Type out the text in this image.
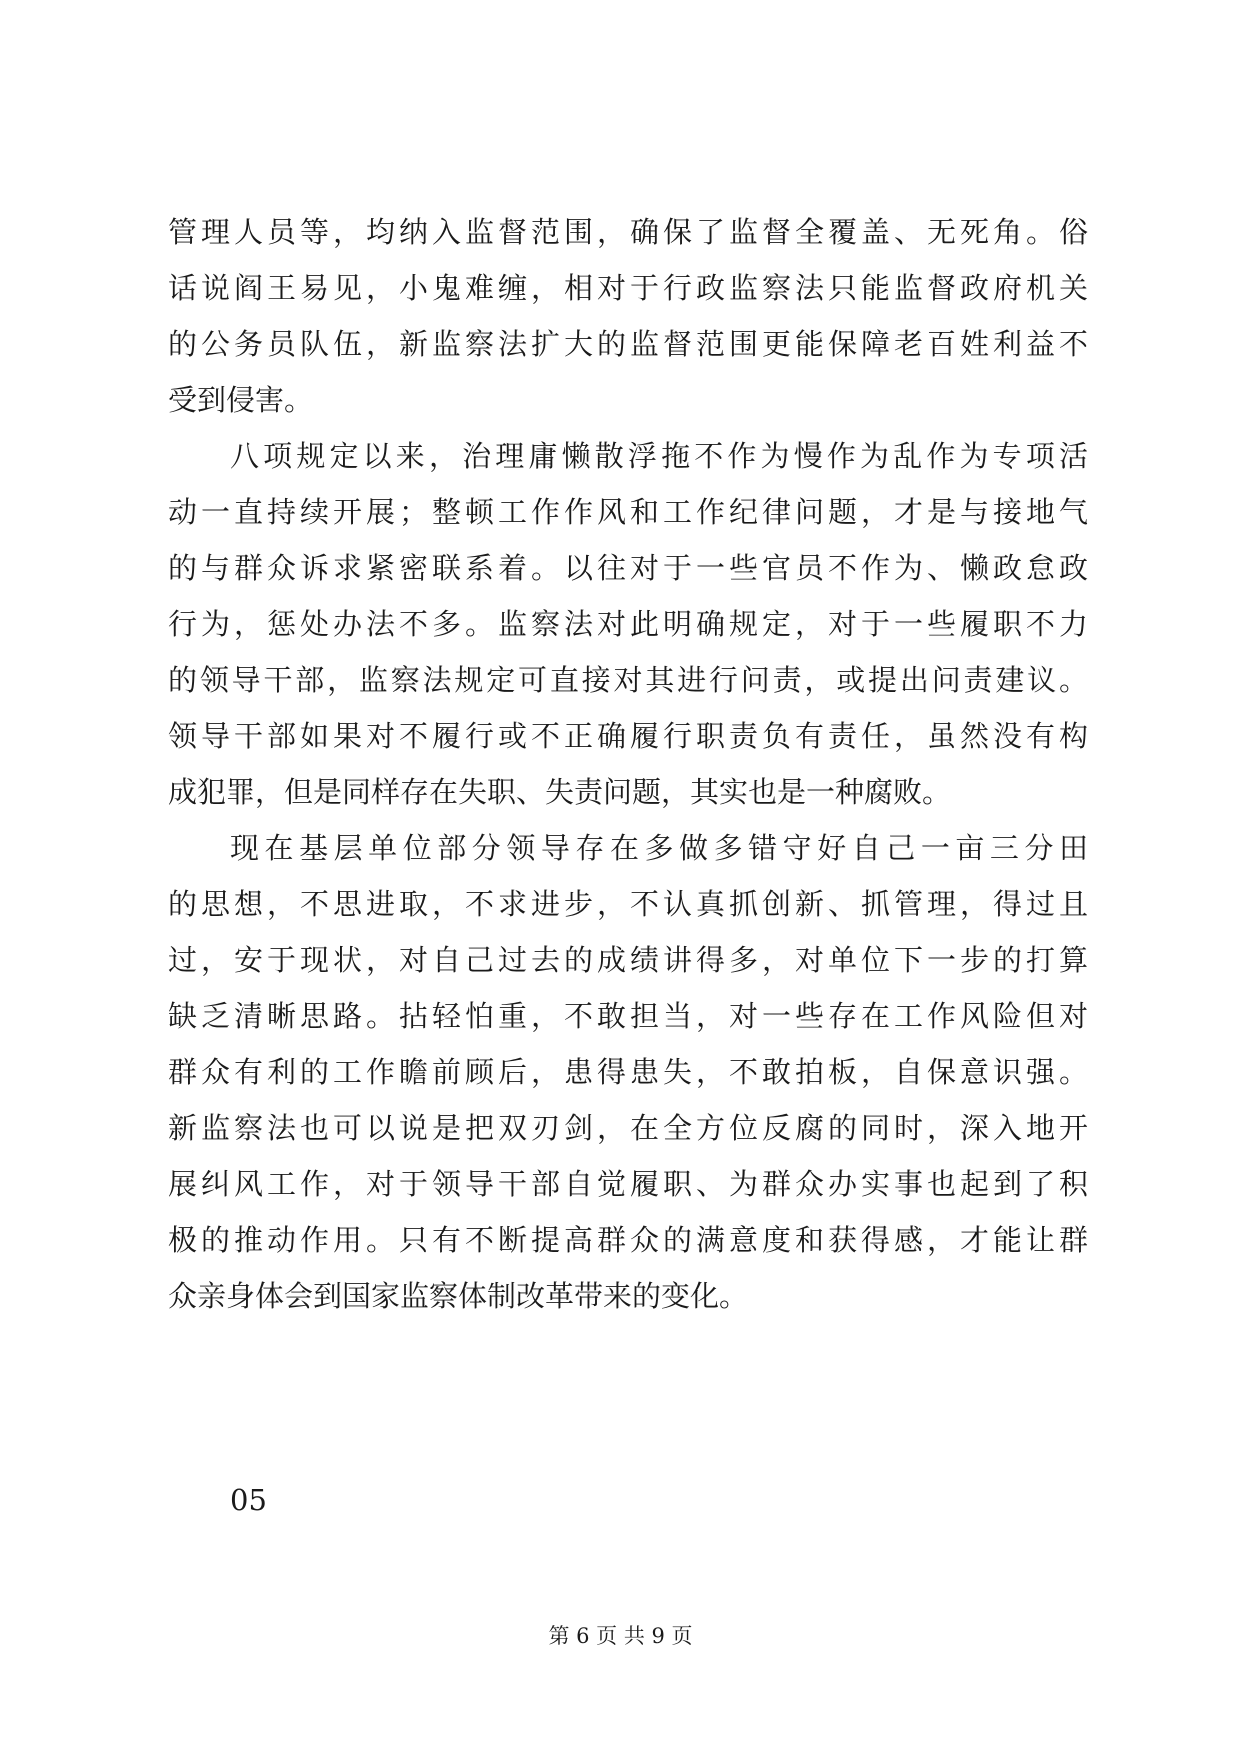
管理人员等，均纳入监督范围，确保了监督全覆盖、无死角。俗
话说阎王易见，小鬼难缠，相对于行政监察法只能监督政府机关
的公务员队伍，新监察法扩大的监督范围更能保障老百姓利益不
受到侵害。
八项规定以来，治理庸懒散浮拖不作为慢作为乱作为专项活
动一直持续开展；整顿工作作风和工作纪律问题，才是与接地气
的与群众诉求紧密联系着。以往对于一些官员不作为、懒政怠政
行为，惩处办法不多。监察法对此明确规定，对于一些履职不力
的领导干部，监察法规定可直接对其进行问责，或提出问责建议。
领导干部如果对不履行或不正确履行职责负有责任，虽然没有构
成犯罪，但是同样存在失职、失责问题，其实也是一种腐败。
现在基层单位部分领导存在多做多错守好自己一亩三分田
的思想，不思进取，不求进步，不认真抓创新、抓管理，得过且
过，安于现状，对自己过去的成绩讲得多，对单位下一步的打算
缺乏清晰思路。拈轻怕重，不敢担当，对一些存在工作风险但对
群众有利的工作瞻前顾后，患得患失，不敢拍板，自保意识强。
新监察法也可以说是把双刃剑，在全方位反腐的同时，深入地开
展纠风工作，对于领导干部自觉履职、为群众办实事也起到了积
极的推动作用。只有不断提高群众的满意度和获得感，才能让群
众亲身体会到国家监察体制改革带来的变化。
05
第 6 页 共 9 页
